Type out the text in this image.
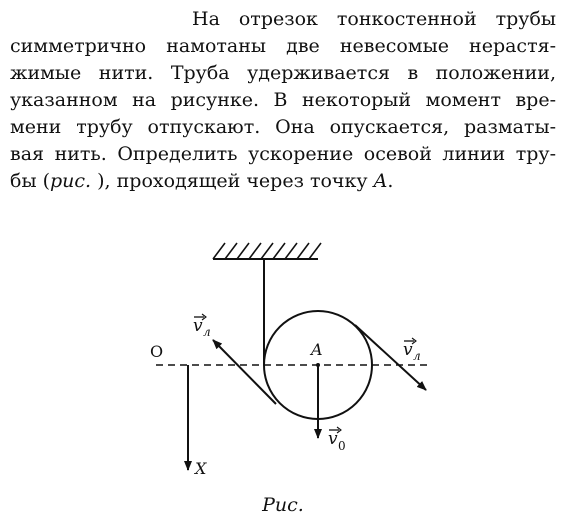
На отрезок тонкостенной трубы
симметрично намотаны две невесомые нерастя-
жимые нити. Труба удерживается в положении,
указанном на рисунке. В некоторый момент вре-
мени трубу отпускают. Она опускается, разматы-
вая нить. Определить ускорение осевой линии тру-
бы (рис. ), проходящей через точку A.
O
X
A
v л
v л
v 0
Рис.
